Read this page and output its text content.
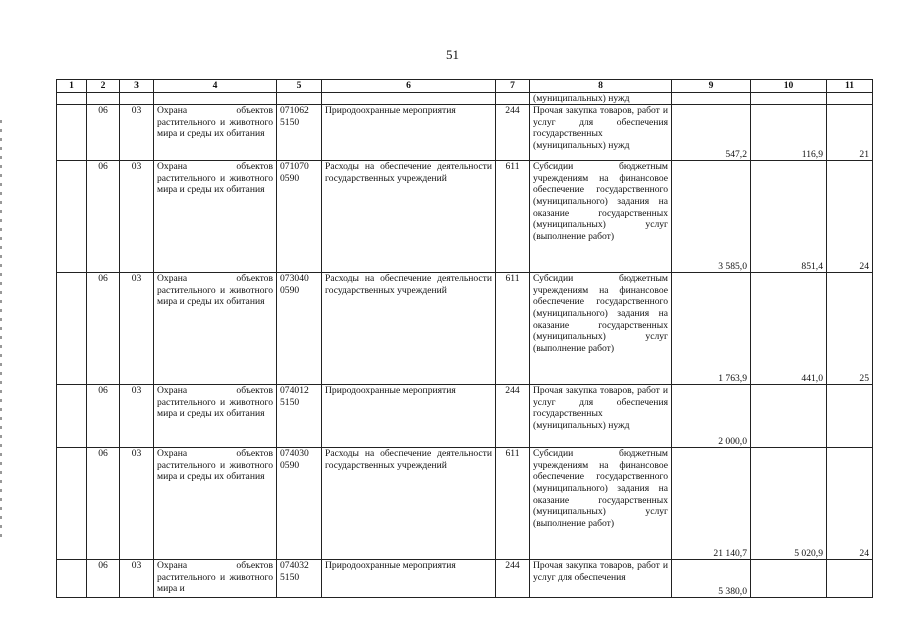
51
1	2	3	4	5	6	7	8	9	10	11
							(муниципальных) нужд			
	06	03	Охрана объектов растительного и животного мира и среды их обитания	071062 5150	Природоохранные мероприятия	244	Прочая закупка товаров, работ и услуг для обеспечения государственных (муниципальных) нужд	547,2	116,9	21
	06	03	Охрана объектов растительного и животного мира и среды их обитания	071070 0590	Расходы на обеспечение деятельности государственных учреждений	611	Субсидии бюджетным учреждениям на финансовое обеспечение государственного (муниципального) задания на оказание государственных (муниципальных) услуг (выполнение работ)	3 585,0	851,4	24
	06	03	Охрана объектов растительного и животного мира и среды их обитания	073040 0590	Расходы на обеспечение деятельности государственных учреждений	611	Субсидии бюджетным учреждениям на финансовое обеспечение государственного (муниципального) задания на оказание государственных (муниципальных) услуг (выполнение работ)	1 763,9	441,0	25
	06	03	Охрана объектов растительного и животного мира и среды их обитания	074012 5150	Природоохранные мероприятия	244	Прочая закупка товаров, работ и услуг для обеспечения государственных (муниципальных) нужд	2 000,0		
	06	03	Охрана объектов растительного и животного мира и среды их обитания	074030 0590	Расходы на обеспечение деятельности государственных учреждений	611	Субсидии бюджетным учреждениям на финансовое обеспечение государственного (муниципального) задания на оказание государственных (муниципальных) услуг (выполнение работ)	21 140,7	5 020,9	24
	06	03	Охрана объектов растительного и животного мира и	074032 5150	Природоохранные мероприятия	244	Прочая закупка товаров, работ и услуг для обеспечения	5 380,0		
